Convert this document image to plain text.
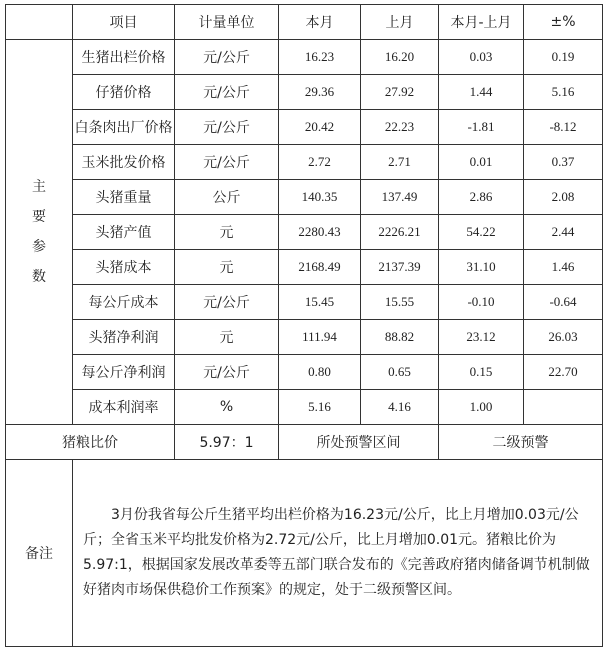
	项目	计量单位	本月	上月	本月-上月	±%

主
要
参
数	生猪出栏价格	元/公斤	16.23	16.20	0.03	0.19
	仔猪价格	元/公斤	29.36	27.92	1.44	5.16
	白条肉出厂价格	元/公斤	20.42	22.23	-1.81	-8.12
	玉米批发价格	元/公斤	2.72	2.71	0.01	0.37
	头猪重量	公斤	140.35	137.49	2.86	2.08
	头猪产值	元	2280.43	2226.21	54.22	2.44
	头猪成本	元	2168.49	2137.39	31.10	1.46
	每公斤成本	元/公斤	15.45	15.55	-0.10	-0.64
	头猪净利润	元	111.94	88.82	23.12	26.03
	每公斤净利润	元/公斤	0.80	0.65	0.15	22.70
	成本利润率	%	5.16	4.16	1.00	
猪粮比价		5.97：1	所处预警区间		二级预警	
备注	3月份我省每公斤生猪平均出栏价格为16.23元/公斤，比上月增加0.03元/公斤；全省玉米平均批发价格为2.72元/公斤，比上月增加0.01元。猪粮比价为5.97:1，根据国家发展改革委等五部门联合发布的《完善政府猪肉储备调节机制做好猪肉市场保供稳价工作预案》的规定，处于二级预警区间。					
